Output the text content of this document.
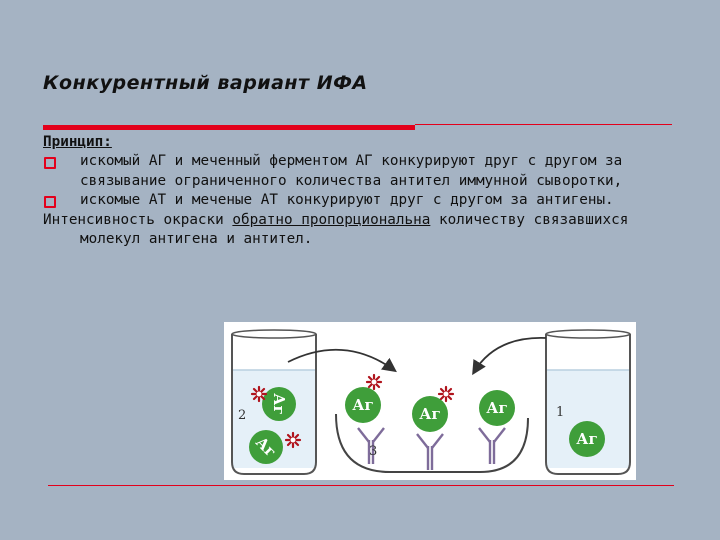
Конкурентный вариант ИФА
Принцип:
искомый АГ и меченный ферментом АГ конкурируют друг с другом за связывание ограниченного количества антител иммунной сыворотки,
искомые АТ и меченые АТ конкурируют друг с другом за антигены.
Интенсивность окраски обратно пропорциональна количеству связавшихся молекул антигена и антител.
Аг
Аг
Аг	Аг	Аг
Аг
2	1
3
